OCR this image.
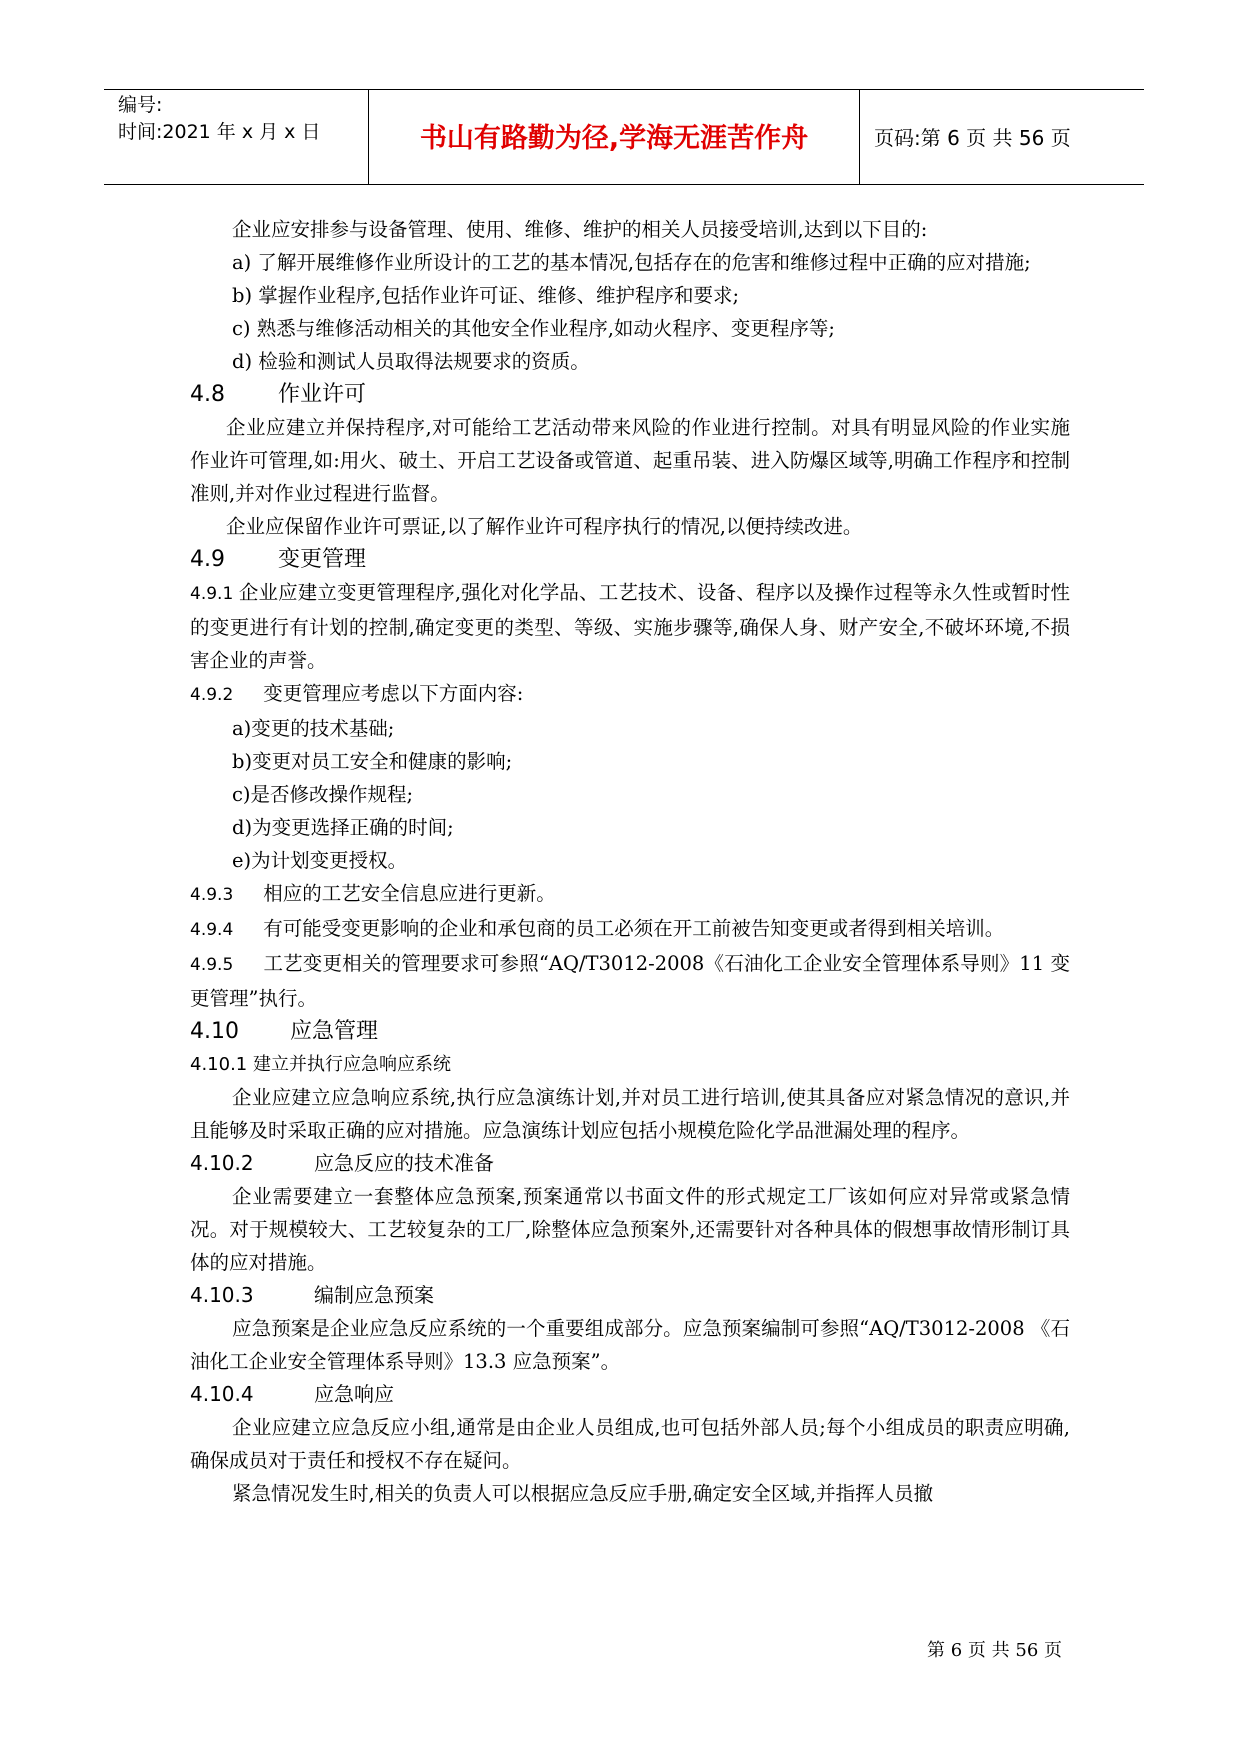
编号:
时间:2021 年 x 月 x 日	书山有路勤为径,学海无涯苦作舟	页码:第 6 页 共 56 页

企业应安排参与设备管理、使用、维修、维护的相关人员接受培训,达到以下目的:

a) 了解开展维修作业所设计的工艺的基本情况,包括存在的危害和维修过程中正确的应对措施;

b) 掌握作业程序,包括作业许可证、维修、维护程序和要求;

c) 熟悉与维修活动相关的其他安全作业程序,如动火程序、变更程序等;

d) 检验和测试人员取得法规要求的资质。

4.8 作业许可

企业应建立并保持程序,对可能给工艺活动带来风险的作业进行控制。对具有明显风险的作业实施作业许可管理,如:用火、破土、开启工艺设备或管道、起重吊装、进入防爆区域等,明确工作程序和控制准则,并对作业过程进行监督。

企业应保留作业许可票证,以了解作业许可程序执行的情况,以便持续改进。

4.9 变更管理

4.9.1 企业应建立变更管理程序,强化对化学品、工艺技术、设备、程序以及操作过程等永久性或暂时性的变更进行有计划的控制,确定变更的类型、等级、实施步骤等,确保人身、财产安全,不破坏环境,不损害企业的声誉。

4.9.2 变更管理应考虑以下方面内容:

a)变更的技术基础;

b)变更对员工安全和健康的影响;

c)是否修改操作规程;

d)为变更选择正确的时间;

e)为计划变更授权。

4.9.3 相应的工艺安全信息应进行更新。

4.9.4 有可能受变更影响的企业和承包商的员工必须在开工前被告知变更或者得到相关培训。

4.9.5 工艺变更相关的管理要求可参照“AQ/T3012-2008《石油化工企业安全管理体系导则》11 变更管理”执行。

4.10 应急管理
4.10.1 建立并执行应急响应系统

企业应建立应急响应系统,执行应急演练计划,并对员工进行培训,使其具备应对紧急情况的意识,并且能够及时采取正确的应对措施。应急演练计划应包括小规模危险化学品泄漏处理的程序。

4.10.2	应急反应的技术准备

企业需要建立一套整体应急预案,预案通常以书面文件的形式规定工厂该如何应对异常或紧急情况。对于规模较大、工艺较复杂的工厂,除整体应急预案外,还需要针对各种具体的假想事故情形制订具体的应对措施。

4.10.3	编制应急预案

应急预案是企业应急反应系统的一个重要组成部分。应急预案编制可参照“AQ/T3012-2008 《石油化工企业安全管理体系导则》13.3 应急预案”。

4.10.4	应急响应

企业应建立应急反应小组,通常是由企业人员组成,也可包括外部人员;每个小组成员的职责应明确,确保成员对于责任和授权不存在疑问。

紧急情况发生时,相关的负责人可以根据应急反应手册,确定安全区域,并指挥人员撤

第 6 页 共 56 页
